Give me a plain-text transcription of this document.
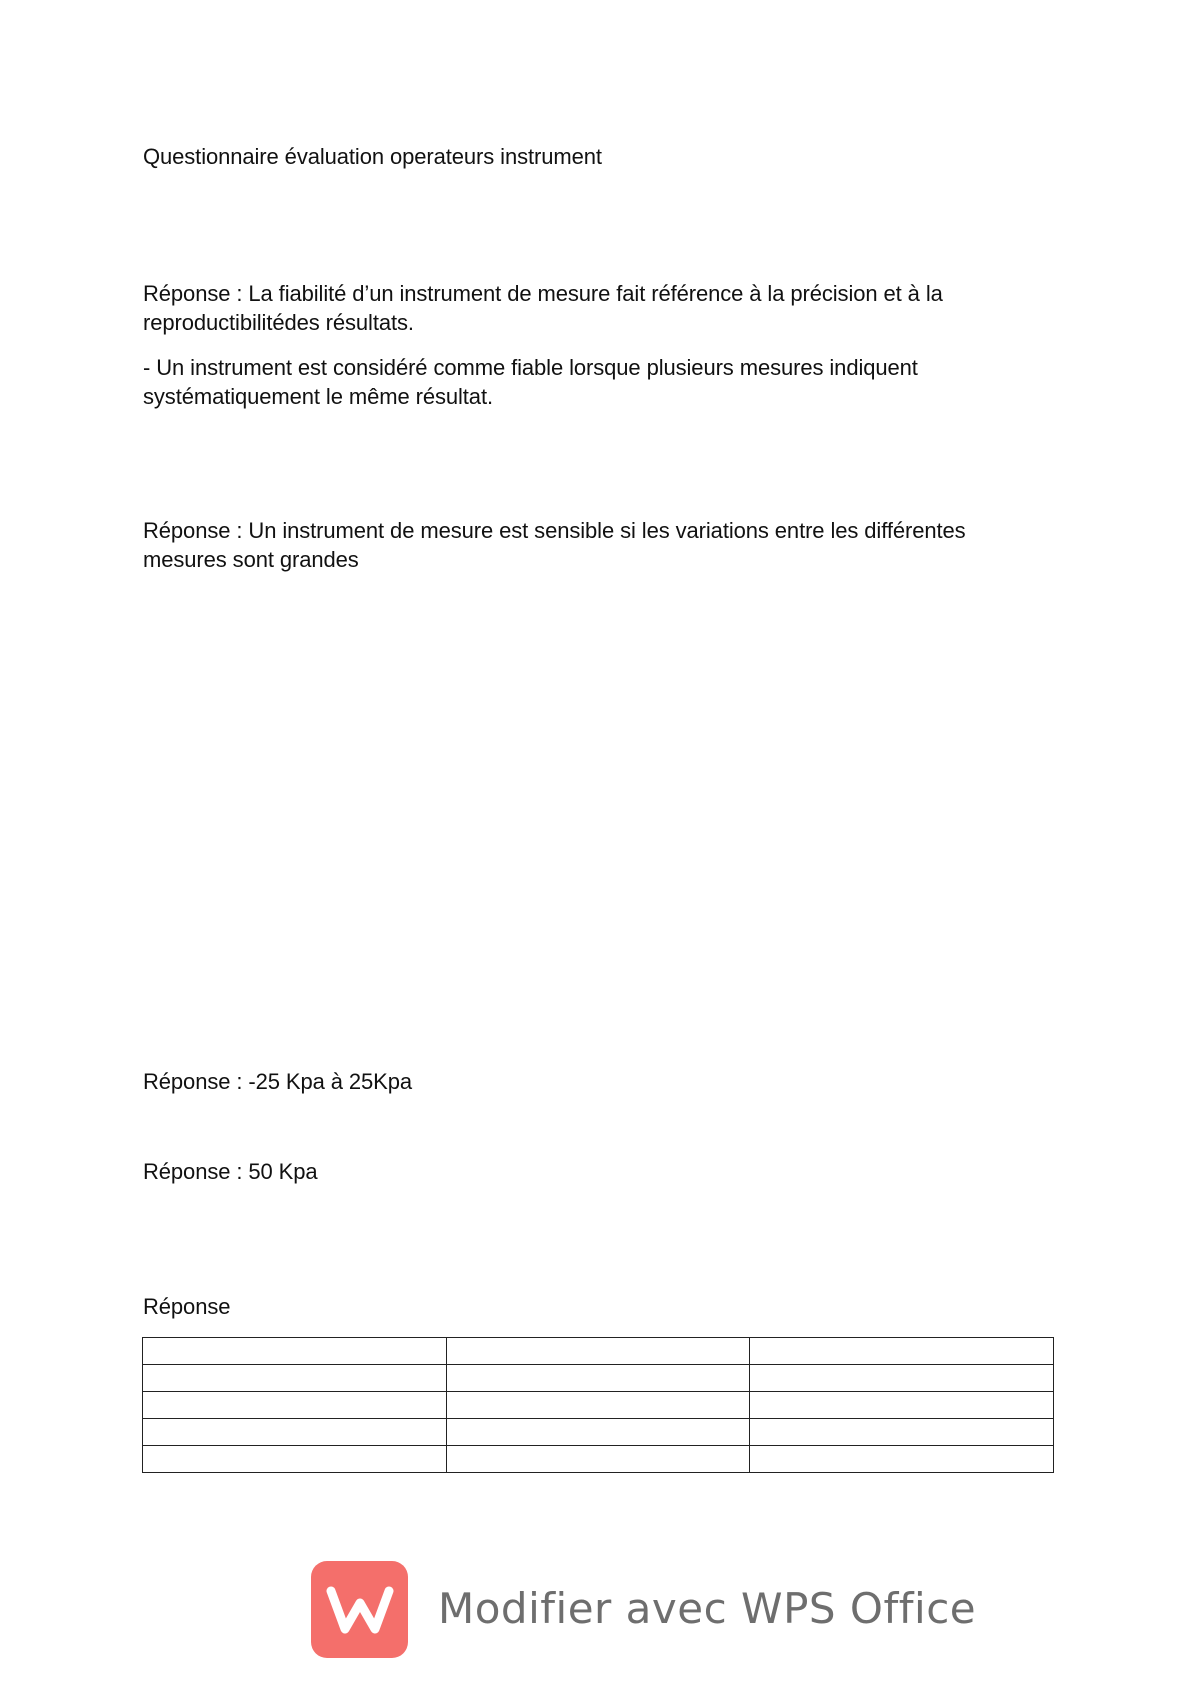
Questionnaire évaluation operateurs instrument
Réponse : La fiabilité d’un instrument de mesure fait référence à la précision et à la reproductibilitédes résultats.
- Un instrument est considéré comme fiable lorsque plusieurs mesures indiquent systématiquement le même résultat.
Réponse : Un instrument de mesure est sensible si les variations entre les différentes mesures sont grandes
Réponse : -25 Kpa à 25Kpa
Réponse : 50 Kpa
Réponse

Modifier avec WPS Office
